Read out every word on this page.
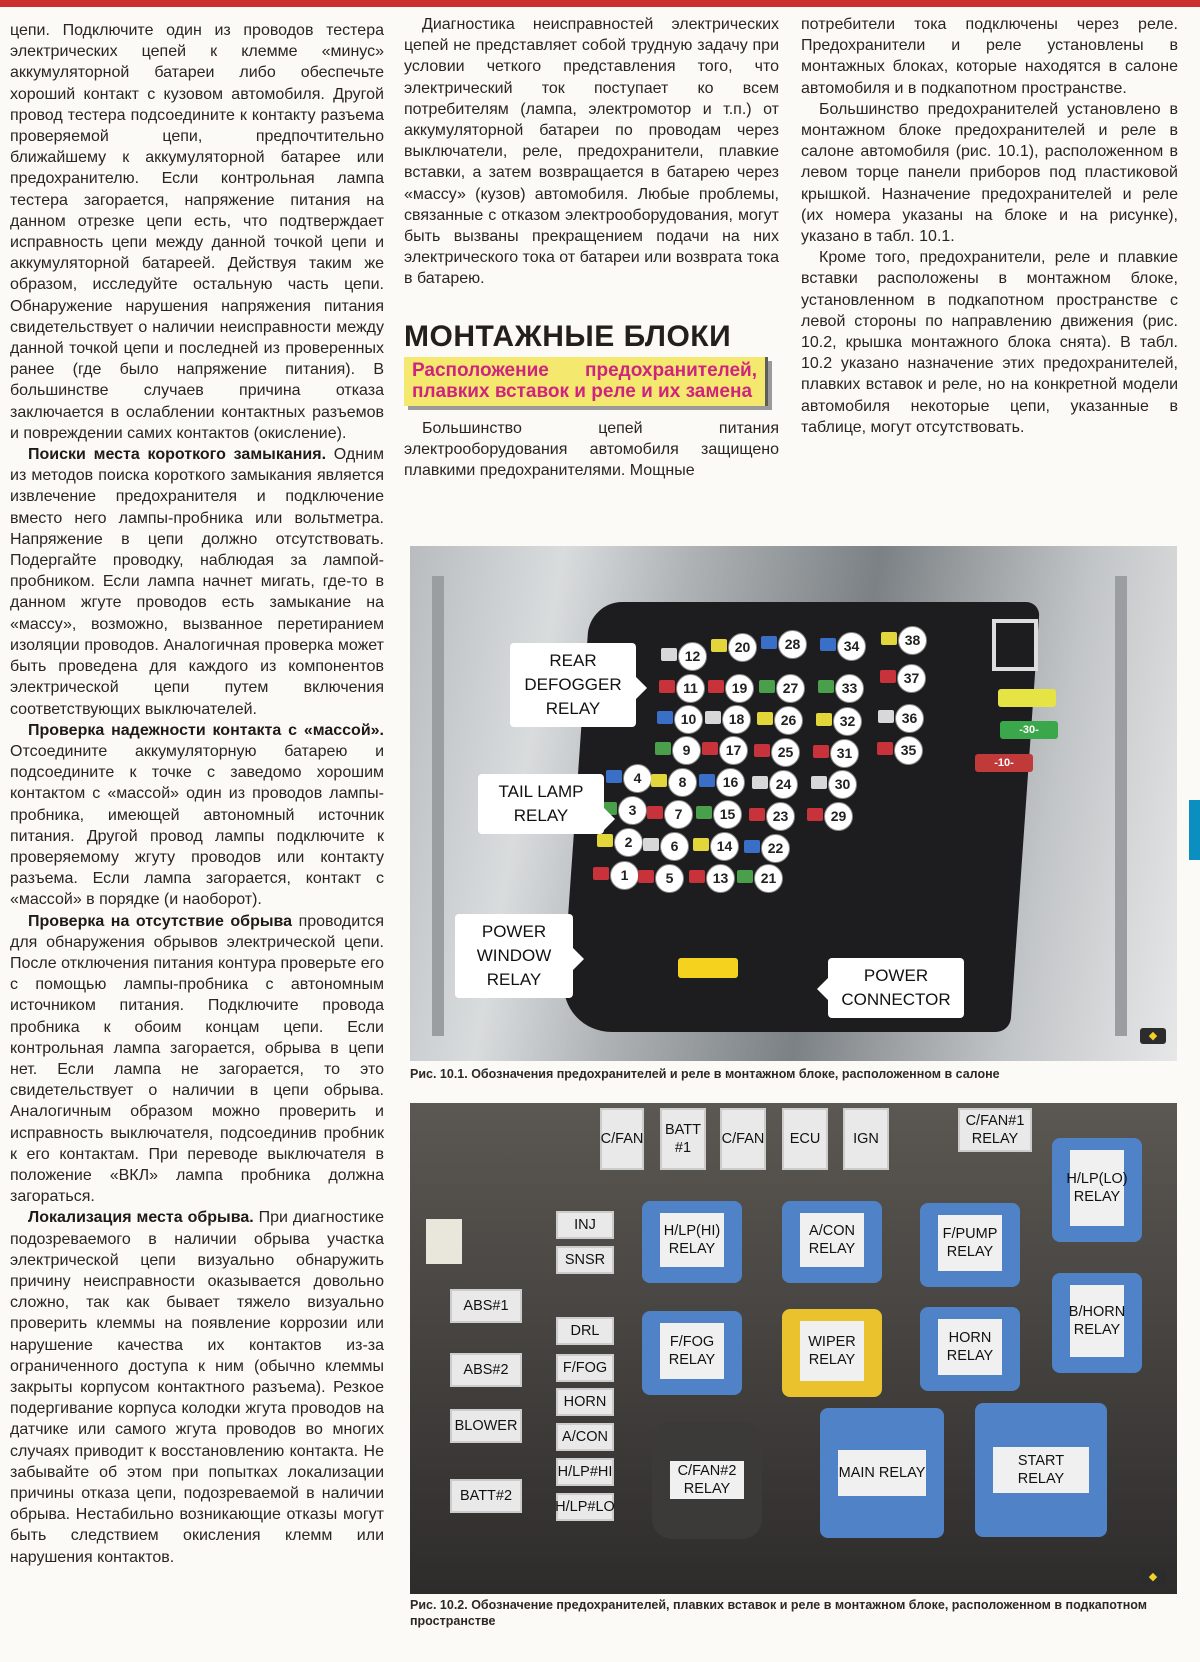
цепи. Подключите один из проводов тестера электрических цепей к клемме «минус» аккумуляторной батареи либо обеспечьте хороший контакт с кузовом автомобиля. Другой провод тестера подсоедините к контакту разъема проверяемой цепи, предпочтительно ближайшему к аккумуляторной батарее или предохранителю. Если контрольная лампа тестера загорается, напряжение питания на данном отрезке цепи есть, что подтверждает исправность цепи между данной точкой цепи и аккумуляторной батареей. Действуя таким же образом, исследуйте остальную часть цепи. Обнаружение нарушения напряжения питания свидетельствует о наличии неисправности между данной точкой цепи и последней из проверенных ранее (где было напряжение питания). В большинстве случаев причина отказа заключается в ослаблении контактных разъемов и повреждении самих контактов (окисление).

Поиски места короткого замыкания. Одним из методов поиска короткого замыкания является извлечение предохранителя и подключение вместо него лампы-пробника или вольтметра. Напряжение в цепи должно отсутствовать. Подергайте проводку, наблюдая за лампой-пробником. Если лампа начнет мигать, где-то в данном жгуте проводов есть замыкание на «массу», возможно, вызванное перетиранием изоляции проводов. Аналогичная проверка может быть проведена для каждого из компонентов электрической цепи путем включения соответствующих выключателей.

Проверка надежности контакта с «массой». Отсоедините аккумуляторную батарею и подсоедините к точке с заведомо хорошим контактом с «массой» один из проводов лампы-пробника, имеющей автономный источник питания. Другой провод лампы подключите к проверяемому жгуту проводов или контакту разъема. Если лампа загорается, контакт с «массой» в порядке (и наоборот).

Проверка на отсутствие обрыва проводится для обнаружения обрывов электрической цепи. После отключения питания контура проверьте его с помощью лампы-пробника с автономным источником питания. Подключите провода пробника к обоим концам цепи. Если контрольная лампа загорается, обрыва в цепи нет. Если лампа не загорается, то это свидетельствует о наличии в цепи обрыва. Аналогичным образом можно проверить и исправность выключателя, подсоединив пробник к его контактам. При переводе выключателя в положение «ВКЛ» лампа пробника должна загораться.

Локализация места обрыва. При диагностике подозреваемого в наличии обрыва участка электрической цепи визуально обнаружить причину неисправности оказывается довольно сложно, так как бывает тяжело визуально проверить клеммы на появление коррозии или нарушение качества их контактов из-за ограниченного доступа к ним (обычно клеммы закрыты корпусом контактного разъема). Резкое подергивание корпуса колодки жгута проводов на датчике или самого жгута проводов во многих случаях приводит к восстановлению контакта. Не забывайте об этом при попытках локализации причины отказа цепи, подозреваемой в наличии обрыва. Нестабильно возникающие отказы могут быть следствием окисления клемм или нарушения контактов.

Диагностика неисправностей электрических цепей не представляет собой трудную задачу при условии четкого представления того, что электрический ток поступает ко всем потребителям (лампа, электромотор и т.п.) от аккумуляторной батареи по проводам через выключатели, реле, предохранители, плавкие вставки, а затем возвращается в батарею через «массу» (кузов) автомобиля. Любые проблемы, связанные с отказом электрооборудования, могут быть вызваны прекращением подачи на них электрического тока от батареи или возврата тока в батарею.

МОНТАЖНЫЕ БЛОКИ
Расположение предохранителей, плавких вставок и реле и их замена

Большинство цепей питания электрооборудования автомобиля защищено плавкими предохранителями. Мощные

потребители тока подключены через реле. Предохранители и реле установлены в монтажных блоках, которые находятся в салоне автомобиля и в подкапотном пространстве.

Большинство предохранителей установлено в монтажном блоке предохранителей и реле в салоне автомобиля (рис. 10.1), расположенном в левом торце панели приборов под пластиковой крышкой. Назначение предохранителей и реле (их номера указаны на блоке и на рисунке), указано в табл. 10.1.

Кроме того, предохранители, реле и плавкие вставки расположены в монтажном блоке, установленном в подкапотном пространстве с левой стороны по направлению движения (рис. 10.2, крышка монтажного блока снята). В табл. 10.2 указано назначение этих предохранителей, плавких вставок и реле, но на конкретной модели автомобиля некоторые цепи, указанные в таблице, могут отсутствовать.

1
2
3
4
5
6
7
8
9
10
11
12
13
14
15
16
17
18
19
20
21
22
23
24
25
26
27
28
29
30
31
32
33
34
35
36
37
38
REAR DEFOGGER RELAY
TAIL LAMP RELAY
POWER WINDOW RELAY	POWER CONNECTOR
-10-
-30-
◆
Рис. 10.1. Обозначения предохранителей и реле в монтажном блоке, расположенном в салоне
C/FAN
BATT #1
C/FAN	ECU	IGN
C/FAN#1 RELAY
ABS#1
ABS#2
BLOWER
BATT#2
INJ
SNSR
DRL
F/FOG
HORN
A/CON
H/LP#HI
H/LP#LO
H/LP(HI) RELAY
A/CON RELAY
F/PUMP RELAY
H/LP(LO) RELAY
F/FOG RELAY
WIPER RELAY
HORN RELAY
B/HORN RELAY
C/FAN#2 RELAY
MAIN RELAY
START RELAY
◆
Рис. 10.2. Обозначение предохранителей, плавких вставок и реле в монтажном блоке, расположенном в подкапотном пространстве
